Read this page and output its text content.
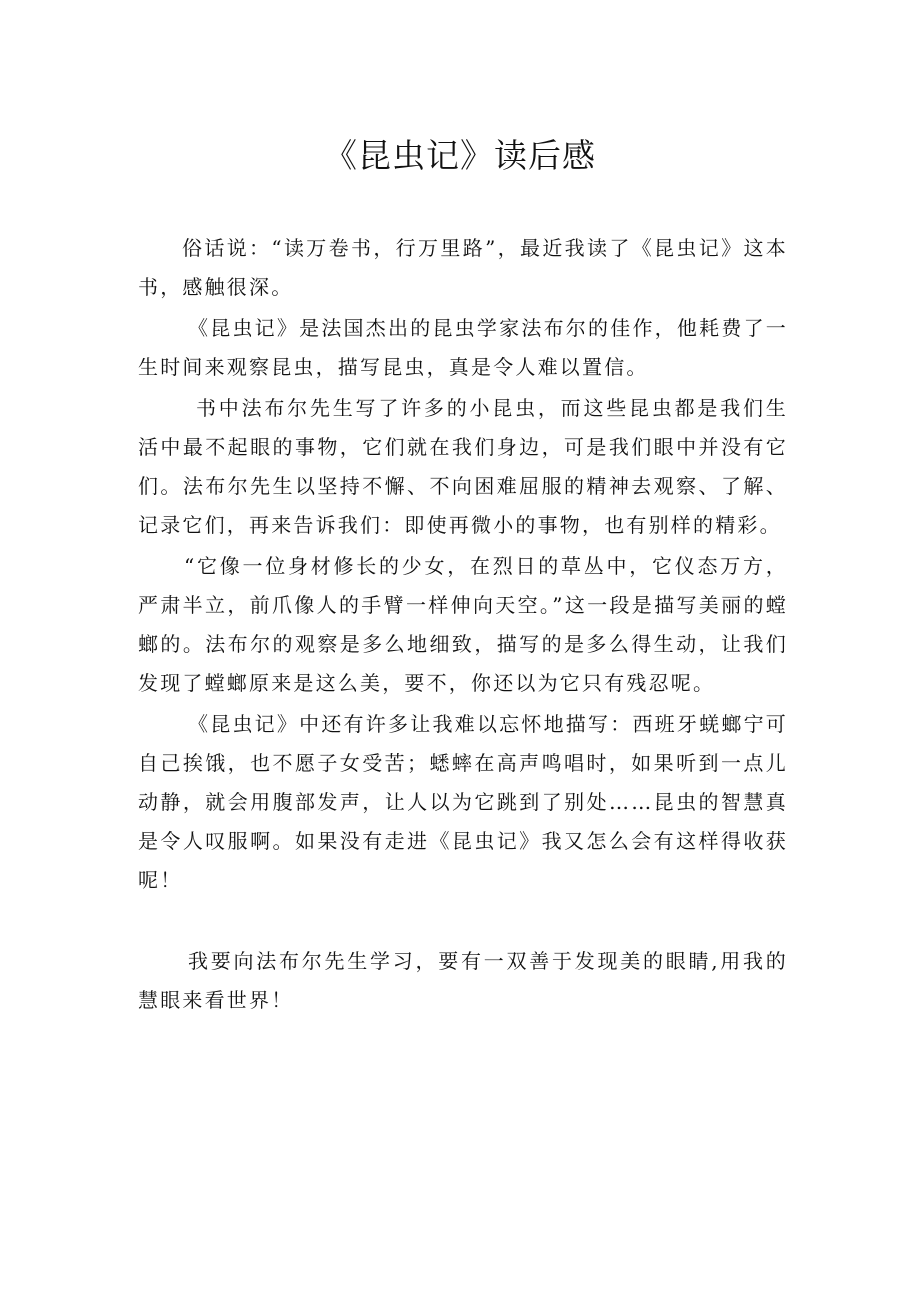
《昆虫记》读后感

俗话说：“读万卷书，行万里路”，最近我读了《昆虫记》这本书，感触很深。

《昆虫记》是法国杰出的昆虫学家法布尔的佳作，他耗费了一生时间来观察昆虫，描写昆虫，真是令人难以置信。

书中法布尔先生写了许多的小昆虫，而这些昆虫都是我们生活中最不起眼的事物，它们就在我们身边，可是我们眼中并没有它们。法布尔先生以坚持不懈、不向困难屈服的精神去观察、了解、记录它们，再来告诉我们：即使再微小的事物，也有别样的精彩。

“它像一位身材修长的少女，在烈日的草丛中，它仪态万方，严肃半立，前爪像人的手臂一样伸向天空。”这一段是描写美丽的螳螂的。法布尔的观察是多么地细致，描写的是多么得生动，让我们发现了螳螂原来是这么美，要不，你还以为它只有残忍呢。

《昆虫记》中还有许多让我难以忘怀地描写：西班牙蜣螂宁可自己挨饿，也不愿子女受苦；蟋蟀在高声鸣唱时，如果听到一点儿动静，就会用腹部发声，让人以为它跳到了别处……昆虫的智慧真是令人叹服啊。如果没有走进《昆虫记》我又怎么会有这样得收获呢！

我要向法布尔先生学习，要有一双善于发现美的眼睛,用我的慧眼来看世界！
